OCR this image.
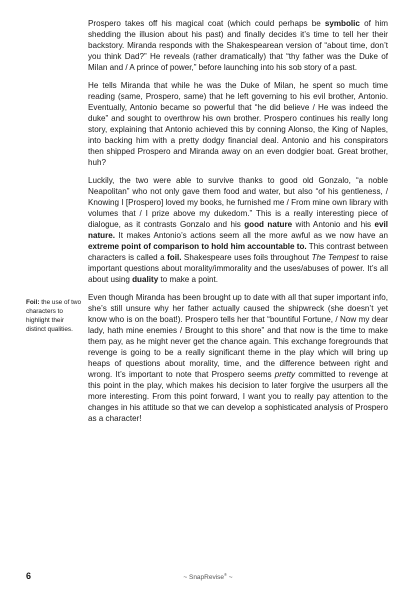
Prospero takes off his magical coat (which could perhaps be symbolic of him shedding the illusion about his past) and finally decides it’s time to tell her their backstory. Miranda responds with the Shakespearean version of “about time, don’t you think Dad?” He reveals (rather dramatically) that “thy father was the Duke of Milan and / A prince of power,” before launching into his sob story of a past.

He tells Miranda that while he was the Duke of Milan, he spent so much time reading (same, Prospero, same) that he left governing to his evil brother, Antonio. Eventually, Antonio became so powerful that “he did believe / He was indeed the duke” and sought to overthrow his own brother. Prospero continues his really long story, explaining that Antonio achieved this by conning Alonso, the King of Naples, into backing him with a pretty dodgy financial deal. Antonio and his conspirators then shipped Prospero and Miranda away on an even dodgier boat. Great brother, huh?

Luckily, the two were able to survive thanks to good old Gonzalo, “a noble Neapolitan” who not only gave them food and water, but also “of his gentleness, / Knowing I [Prospero] loved my books, he furnished me / From mine own library with volumes that / I prize above my dukedom.” This is a really interesting piece of dialogue, as it contrasts Gonzalo and his good nature with Antonio and his evil nature. It makes Antonio’s actions seem all the more awful as we now have an extreme point of comparison to hold him accountable to. This contrast between characters is called a foil. Shakespeare uses foils throughout The Tempest to raise important questions about morality/immorality and the uses/abuses of power. It’s all about using duality to make a point.

Even though Miranda has been brought up to date with all that super important info, she’s still unsure why her father actually caused the shipwreck (she doesn’t yet know who is on the boat!). Prospero tells her that “bountiful Fortune, / Now my dear lady, hath mine enemies / Brought to this shore” and that now is the time to make them pay, as he might never get the chance again. This exchange foregrounds that revenge is going to be a really significant theme in the play which will bring up heaps of questions about morality, time, and the difference between right and wrong. It’s important to note that Prospero seems pretty committed to revenge at this point in the play, which makes his decision to later forgive the usurpers all the more interesting. From this point forward, I want you to really pay attention to the changes in his attitude so that we can develop a sophisticated analysis of Prospero as a character!

Foil: the use of two characters to highlight their distinct qualities.
6	~ SnapRevise® ~
